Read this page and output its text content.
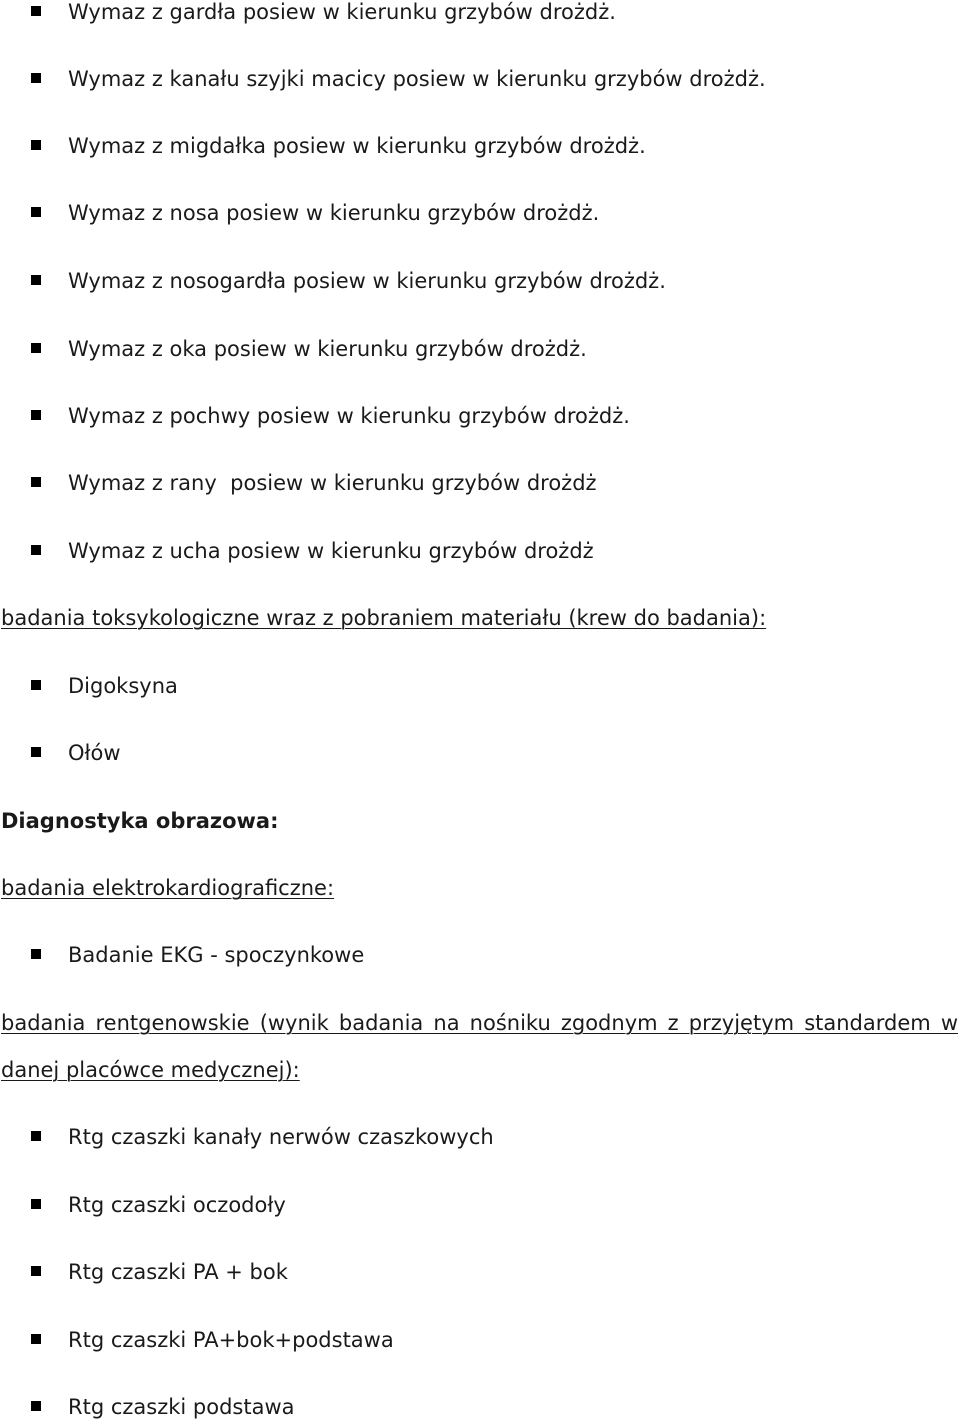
Wymaz z gardła posiew w kierunku grzybów drożdż.
Wymaz z kanału szyjki macicy posiew w kierunku grzybów drożdż.
Wymaz z migdałka posiew w kierunku grzybów drożdż.
Wymaz z nosa posiew w kierunku grzybów drożdż.
Wymaz z nosogardła posiew w kierunku grzybów drożdż.
Wymaz z oka posiew w kierunku grzybów drożdż.
Wymaz z pochwy posiew w kierunku grzybów drożdż.
Wymaz z rany  posiew w kierunku grzybów drożdż
Wymaz z ucha posiew w kierunku grzybów drożdż
badania toksykologiczne wraz z pobraniem materiału (krew do badania):
Digoksyna
Ołów
Diagnostyka obrazowa:
badania elektrokardiograficzne:
Badanie EKG - spoczynkowe
badania rentgenowskie (wynik badania na nośniku zgodnym z przyjętym standardem w
danej placówce medycznej):
Rtg czaszki kanały nerwów czaszkowych
Rtg czaszki oczodoły
Rtg czaszki PA + bok
Rtg czaszki PA+bok+podstawa
Rtg czaszki podstawa
